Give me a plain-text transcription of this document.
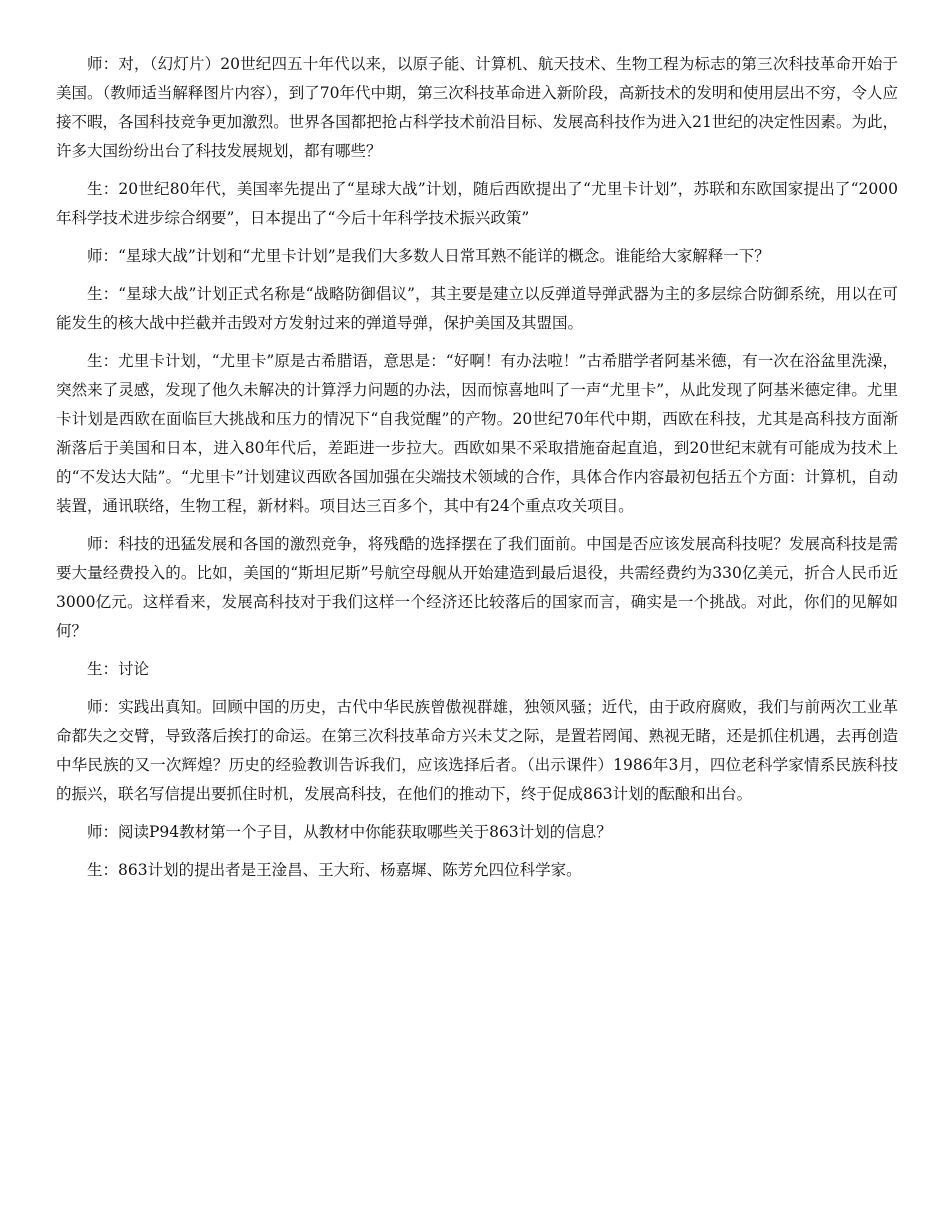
师：对，（幻灯片）20世纪四五十年代以来，以原子能、计算机、航天技术、生物工程为标志的第三次科技革命开始于美国。（教师适当解释图片内容），到了70年代中期，第三次科技革命进入新阶段，高新技术的发明和使用层出不穷，令人应接不暇，各国科技竞争更加激烈。世界各国都把抢占科学技术前沿目标、发展高科技作为进入21世纪的决定性因素。为此，许多大国纷纷出台了科技发展规划，都有哪些？

生：20世纪80年代，美国率先提出了“星球大战”计划，随后西欧提出了“尤里卡计划”，苏联和东欧国家提出了“2000年科学技术进步综合纲要”，日本提出了“今后十年科学技术振兴政策”

师：“星球大战”计划和“尤里卡计划”是我们大多数人日常耳熟不能详的概念。谁能给大家解释一下？

生：“星球大战”计划正式名称是“战略防御倡议”，其主要是建立以反弹道导弹武器为主的多层综合防御系统，用以在可能发生的核大战中拦截并击毁对方发射过来的弹道导弹，保护美国及其盟国。

生：尤里卡计划，“尤里卡”原是古希腊语，意思是：“好啊！有办法啦！”古希腊学者阿基米德，有一次在浴盆里洗澡，突然来了灵感，发现了他久未解决的计算浮力问题的办法，因而惊喜地叫了一声“尤里卡”，从此发现了阿基米德定律。尤里卡计划是西欧在面临巨大挑战和压力的情况下“自我觉醒”的产物。20世纪70年代中期，西欧在科技，尤其是高科技方面渐渐落后于美国和日本，进入80年代后，差距进一步拉大。西欧如果不采取措施奋起直追，到20世纪末就有可能成为技术上的“不发达大陆”。“尤里卡”计划建议西欧各国加强在尖端技术领域的合作，具体合作内容最初包括五个方面：计算机，自动装置，通讯联络，生物工程，新材料。项目达三百多个，其中有24个重点攻关项目。

师：科技的迅猛发展和各国的激烈竞争，将残酷的选择摆在了我们面前。中国是否应该发展高科技呢？发展高科技是需要大量经费投入的。比如，美国的“斯坦尼斯”号航空母舰从开始建造到最后退役，共需经费约为330亿美元，折合人民币近3000亿元。这样看来，发展高科技对于我们这样一个经济还比较落后的国家而言，确实是一个挑战。对此，你们的见解如何？

生：讨论

师：实践出真知。回顾中国的历史，古代中华民族曾傲视群雄，独领风骚；近代，由于政府腐败，我们与前两次工业革命都失之交臂，导致落后挨打的命运。在第三次科技革命方兴未艾之际，是置若罔闻、熟视无睹，还是抓住机遇，去再创造中华民族的又一次辉煌？历史的经验教训告诉我们，应该选择后者。（出示课件）1986年3月，四位老科学家情系民族科技的振兴，联名写信提出要抓住时机，发展高科技，在他们的推动下，终于促成863计划的酝酿和出台。

师：阅读P94教材第一个子目，从教材中你能获取哪些关于863计划的信息？

生：863计划的提出者是王淦昌、王大珩、杨嘉墀、陈芳允四位科学家。
